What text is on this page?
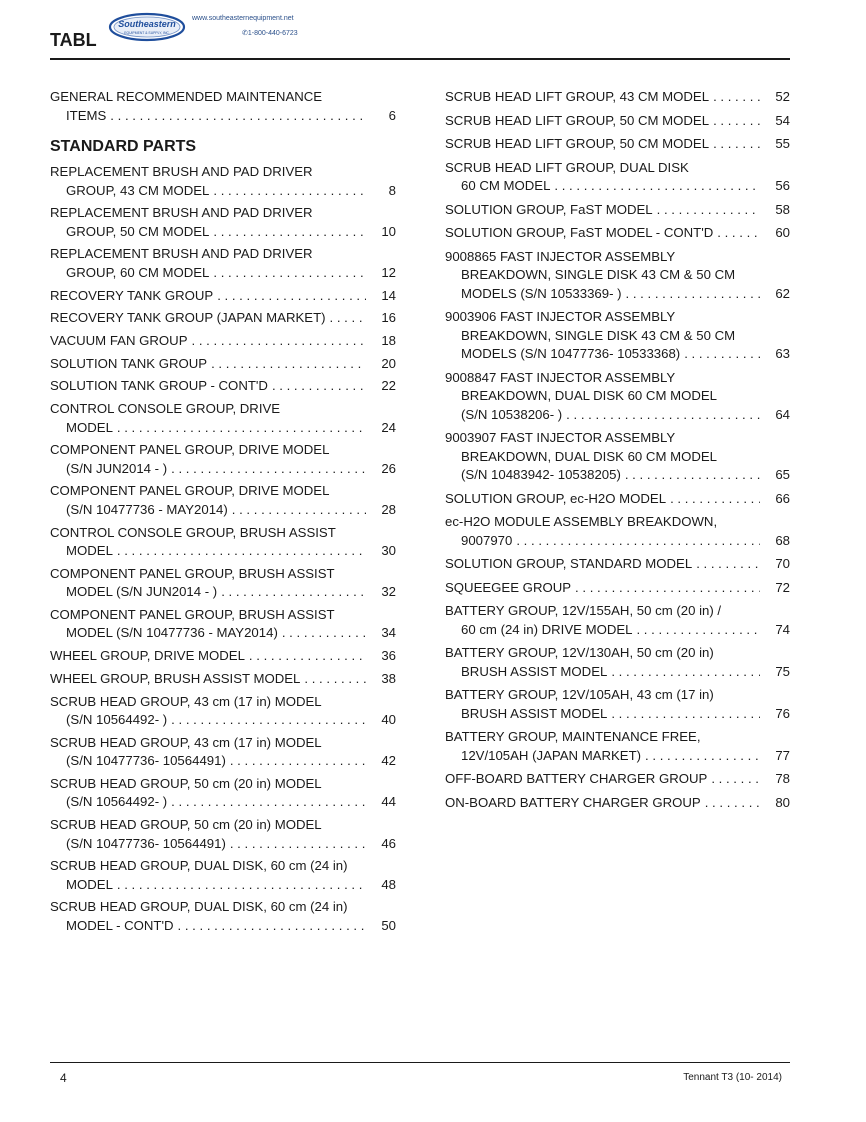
TABL
Southeastern
EQUIPMENT & SUPPLY, INC.
www.southeasternequipment.net
✆1-800-440-6723
GENERAL RECOMMENDED MAINTENANCE
ITEMS . . .	6
STANDARD PARTS
REPLACEMENT BRUSH AND PAD DRIVER
GROUP, 43 CM MODEL . . .	8
REPLACEMENT BRUSH AND PAD DRIVER
GROUP, 50 CM MODEL . . .	10
REPLACEMENT BRUSH AND PAD DRIVER
GROUP, 60 CM MODEL . . .	12
RECOVERY TANK GROUP . . .	14
RECOVERY TANK GROUP (JAPAN MARKET) . . .	16
VACUUM FAN GROUP . . .	18
SOLUTION TANK GROUP . . .	20
SOLUTION TANK GROUP - CONT'D . . .	22
CONTROL CONSOLE GROUP, DRIVE
MODEL . . .	24
COMPONENT PANEL GROUP, DRIVE MODEL
(S/N JUN2014 - ) . . .	26
COMPONENT PANEL GROUP, DRIVE MODEL
(S/N 10477736 - MAY2014) . . .	28
CONTROL CONSOLE GROUP, BRUSH ASSIST
MODEL . . .	30
COMPONENT PANEL GROUP, BRUSH ASSIST
MODEL (S/N JUN2014 - ) . . .	32
COMPONENT PANEL GROUP, BRUSH ASSIST
MODEL (S/N 10477736 - MAY2014) . . .	34
WHEEL GROUP, DRIVE MODEL . . .	36
WHEEL GROUP, BRUSH ASSIST MODEL . . .	38
SCRUB HEAD GROUP, 43 cm (17 in) MODEL
(S/N 10564492- ) . . .	40
SCRUB HEAD GROUP, 43 cm (17 in) MODEL
(S/N 10477736- 10564491) . . .	42
SCRUB HEAD GROUP, 50 cm (20 in) MODEL
(S/N 10564492- ) . . .	44
SCRUB HEAD GROUP, 50 cm (20 in) MODEL
(S/N 10477736- 10564491) . . .	46
SCRUB HEAD GROUP, DUAL DISK, 60 cm (24 in)
MODEL . . .	48
SCRUB HEAD GROUP, DUAL DISK, 60 cm (24 in)
MODEL - CONT'D . . .	50
SCRUB HEAD LIFT GROUP, 43 CM MODEL . . .	52
SCRUB HEAD LIFT GROUP, 50 CM MODEL . . .	54
SCRUB HEAD LIFT GROUP, 50 CM MODEL . . .	55
SCRUB HEAD LIFT GROUP, DUAL DISK
60 CM MODEL . . .	56
SOLUTION GROUP, FaST MODEL . . .	58
SOLUTION GROUP, FaST MODEL - CONT'D . . .	60
9008865 FAST INJECTOR ASSEMBLY
BREAKDOWN, SINGLE DISK 43 CM & 50 CM
MODELS (S/N 10533369- ) . . .	62
9003906 FAST INJECTOR ASSEMBLY
BREAKDOWN, SINGLE DISK 43 CM & 50 CM
MODELS (S/N 10477736- 10533368) . . .	63
9008847 FAST INJECTOR ASSEMBLY
BREAKDOWN, DUAL DISK 60 CM MODEL
(S/N 10538206- ) . . .	64
9003907 FAST INJECTOR ASSEMBLY
BREAKDOWN, DUAL DISK 60 CM MODEL
(S/N 10483942- 10538205) . . .	65
SOLUTION GROUP, ec-H2O MODEL . . .	66
ec-H2O MODULE ASSEMBLY BREAKDOWN,
9007970 . . .	68
SOLUTION GROUP, STANDARD MODEL . . .	70
SQUEEGEE GROUP . . .	72
BATTERY GROUP, 12V/155AH, 50 cm (20 in) /
60 cm (24 in) DRIVE MODEL . . .	74
BATTERY GROUP, 12V/130AH, 50 cm (20 in)
BRUSH ASSIST MODEL . . .	75
BATTERY GROUP, 12V/105AH, 43 cm (17 in)
BRUSH ASSIST MODEL . . .	76
BATTERY GROUP, MAINTENANCE FREE,
12V/105AH (JAPAN MARKET) . . .	77
OFF-BOARD BATTERY CHARGER GROUP . . .	78
ON-BOARD BATTERY CHARGER GROUP . . .	80
4	Tennant T3 (10- 2014)
